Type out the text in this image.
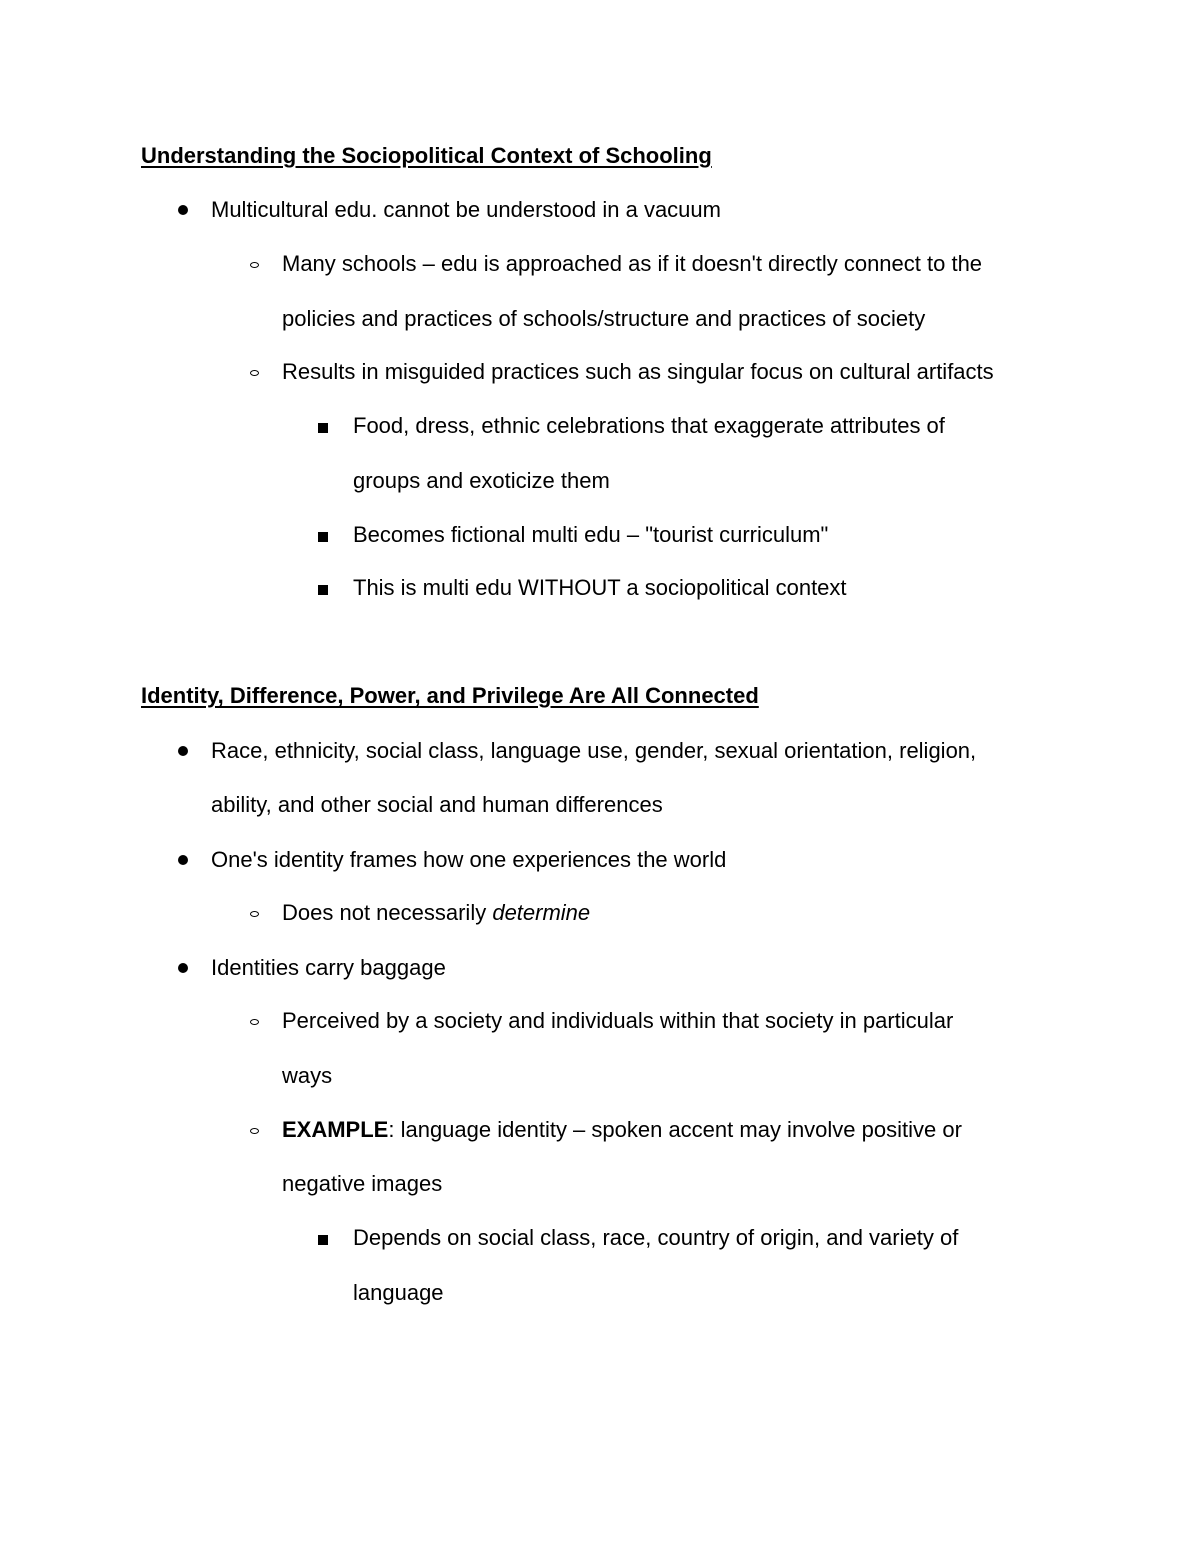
Understanding the Sociopolitical Context of Schooling
Multicultural edu. cannot be understood in a vacuum
Many schools – edu is approached as if it doesn't directly connect to the
policies and practices of schools/structure and practices of society
Results in misguided practices such as singular focus on cultural artifacts
Food, dress, ethnic celebrations that exaggerate attributes of
groups and exoticize them
Becomes fictional multi edu – "tourist curriculum"
This is multi edu WITHOUT a sociopolitical context
Identity, Difference, Power, and Privilege Are All Connected
Race, ethnicity, social class, language use, gender, sexual orientation, religion,
ability, and other social and human differences
One's identity frames how one experiences the world
Does not necessarily determine
Identities carry baggage
Perceived by a society and individuals within that society in particular
ways
EXAMPLE: language identity – spoken accent may involve positive or
negative images
Depends on social class, race, country of origin, and variety of
language
